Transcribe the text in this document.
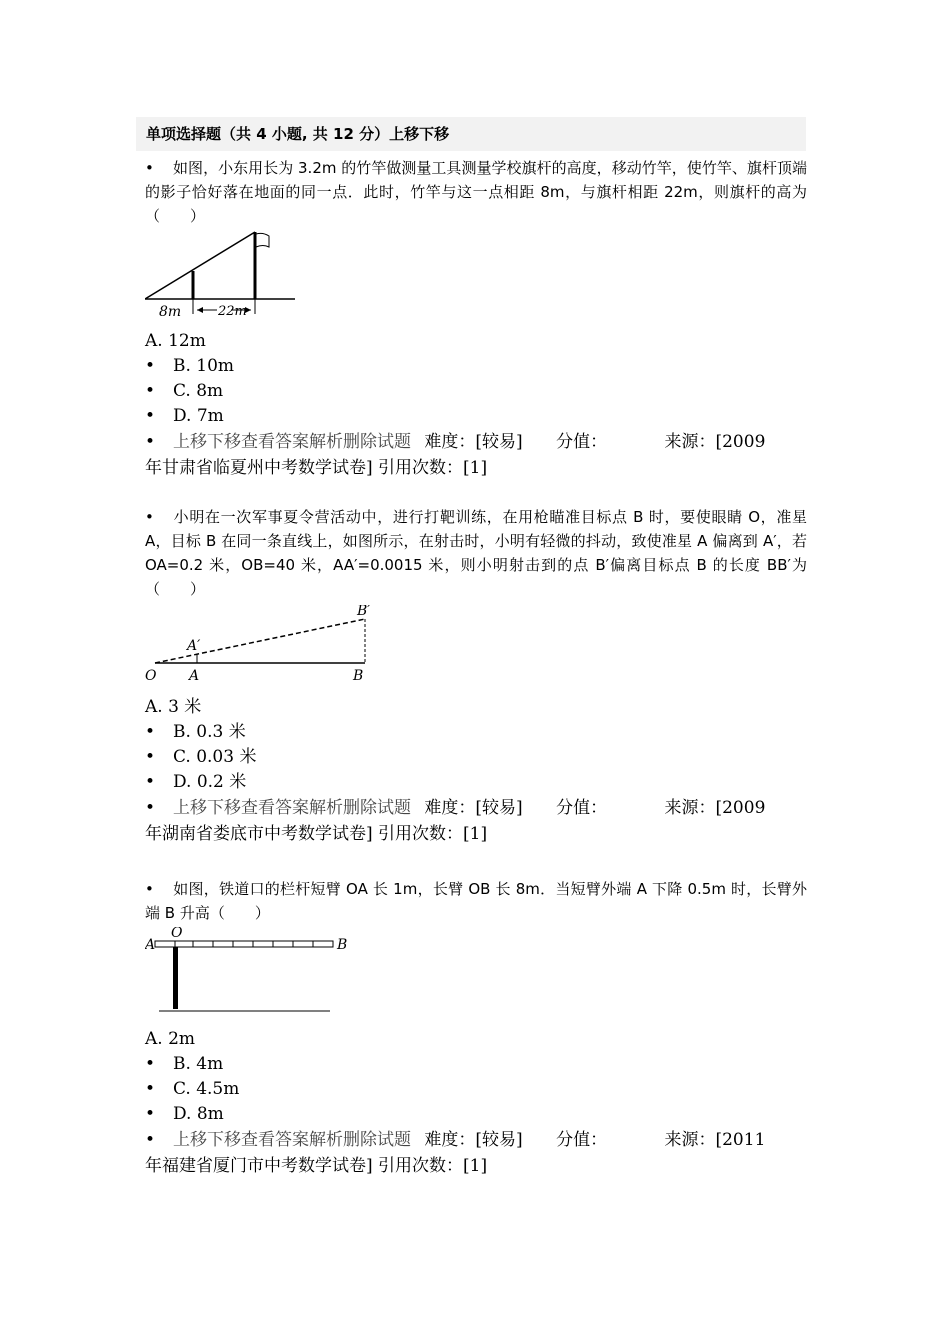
单项选择题（共 4 小题, 共 12 分）上移下移
• 如图，小东用长为 3.2m 的竹竿做测量工具测量学校旗杆的高度，移动竹竿，使竹竿、旗杆顶端的影子恰好落在地面的同一点．此时，竹竿与这一点相距 8m，与旗杆相距 22m，则旗杆的高为（　　）
8m	22m
A. 12m
• B. 10m
• C. 8m
• D. 7m
• 上移下移查看答案解析删除试题 难度：[较易] 分值：	来源：[2009
年甘肃省临夏州中考数学试卷] 引用次数：[1]
• 小明在一次军事夏令营活动中，进行打靶训练，在用枪瞄准目标点 B 时，要使眼睛 O，准星 A，目标 B 在同一条直线上，如图所示，在射击时，小明有轻微的抖动，致使准星 A 偏离到 A′，若 OA=0.2 米，OB=40 米，AA′=0.0015 米，则小明射击到的点 B′偏离目标点 B 的长度 BB′为（　　）
O A	B
A′
B′
A. 3 米
• B. 0.3 米
• C. 0.03 米
• D. 0.2 米
• 上移下移查看答案解析删除试题 难度：[较易] 分值：	来源：[2009
年湖南省娄底市中考数学试卷] 引用次数：[1]
• 如图，铁道口的栏杆短臂 OA 长 1m，长臂 OB 长 8m．当短臂外端 A 下降 0.5m 时，长臂外端 B 升高（　　）
A
O
B
A. 2m
• B. 4m
• C. 4.5m
• D. 8m
• 上移下移查看答案解析删除试题 难度：[较易] 分值：	来源：[2011
年福建省厦门市中考数学试卷] 引用次数：[1]
